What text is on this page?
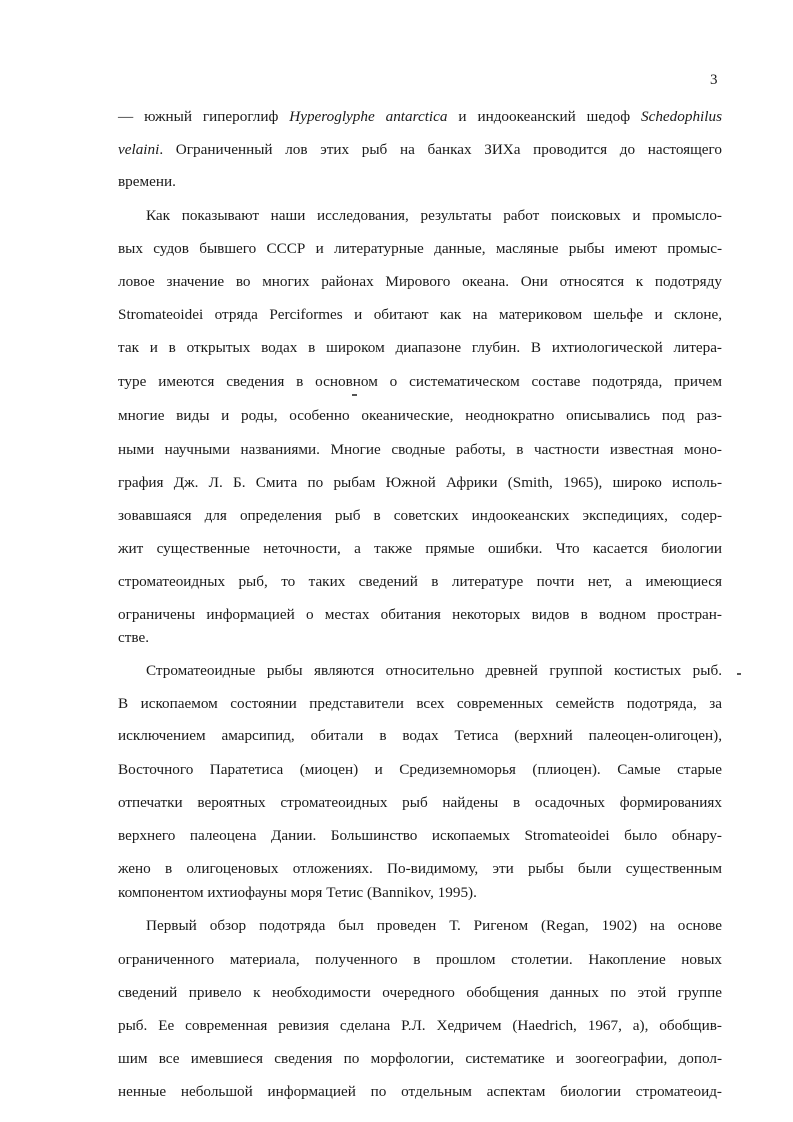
3
— южный гипероглиф Hyperoglyphe antarctica и индоокеанский шедоф Schedophilus
velaini. Ограниченный лов этих рыб на банках ЗИХа проводится до настоящего
времени.
Как показывают наши исследования, результаты работ поисковых и промысло-
вых судов бывшего СССР и литературные данные, масляные рыбы имеют промыс-
ловое значение во многих районах Мирового океана. Они относятся к подотряду
Stromateoidei отряда Perciformes и обитают как на материковом шельфе и склоне,
так и в открытых водах в широком диапазоне глубин. В ихтиологической литера-
туре имеются сведения в основном о систематическом составе подотряда, причем
многие виды и роды, особенно океанические, неоднократно описывались под раз-
ными научными названиями. Многие сводные работы, в частности известная моно-
графия Дж. Л. Б. Смита по рыбам Южной Африки (Smith, 1965), широко исполь-
зовавшаяся для определения рыб в советских индоокеанских экспедициях, содер-
жит существенные неточности, а также прямые ошибки. Что касается биологии
строматеоидных рыб, то таких сведений в литературе почти нет, а имеющиеся
ограничены информацией о местах обитания некоторых видов в водном простран-
стве.
Строматеоидные рыбы являются относительно древней группой костистых рыб.
В ископаемом состоянии представители всех современных семейств подотряда, за
исключением амарсипид, обитали в водах Тетиса (верхний палеоцен-олигоцен),
Восточного Паратетиса (миоцен) и Средиземноморья (плиоцен). Самые старые
отпечатки вероятных строматеоидных рыб найдены в осадочных формированиях
верхнего палеоцена Дании. Большинство ископаемых Stromateoidei было обнару-
жено в олигоценовых отложениях. По-видимому, эти рыбы были существенным
компонентом ихтиофауны моря Тетис (Bannikov, 1995).
Первый обзор подотряда был проведен Т. Ригеном (Regan, 1902) на основе
ограниченного материала, полученного в прошлом столетии. Накопление новых
сведений привело к необходимости очередного обобщения данных по этой группе
рыб. Ее современная ревизия сделана Р.Л. Хедричем (Haedrich, 1967, а), обобщив-
шим все имевшиеся сведения по морфологии, систематике и зоогеографии, допол-
ненные небольшой информацией по отдельным аспектам биологии строматеоид-
